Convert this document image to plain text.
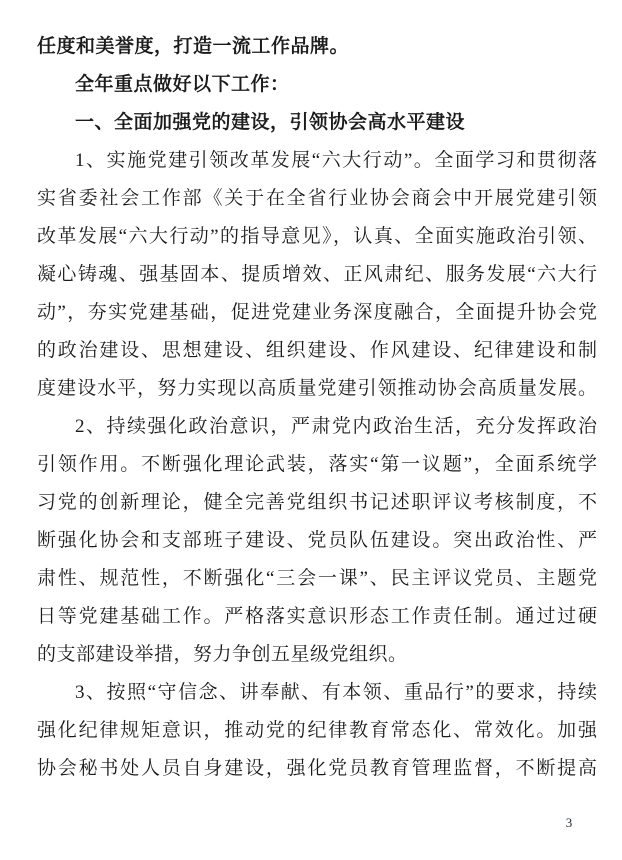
任度和美誉度，打造一流工作品牌。
全年重点做好以下工作：
一、全面加强党的建设，引领协会高水平建设
1、实施党建引领改革发展“六大行动”。全面学习和贯彻落
实省委社会工作部《关于在全省行业协会商会中开展党建引领
改革发展“六大行动”的指导意见》，认真、全面实施政治引领、
凝心铸魂、强基固本、提质增效、正风肃纪、服务发展“六大行
动”，夯实党建基础，促进党建业务深度融合，全面提升协会党
的政治建设、思想建设、组织建设、作风建设、纪律建设和制
度建设水平，努力实现以高质量党建引领推动协会高质量发展。
2、持续强化政治意识，严肃党内政治生活，充分发挥政治
引领作用。不断强化理论武装，落实“第一议题”，全面系统学
习党的创新理论，健全完善党组织书记述职评议考核制度，不
断强化协会和支部班子建设、党员队伍建设。突出政治性、严
肃性、规范性，不断强化“三会一课”、民主评议党员、主题党
日等党建基础工作。严格落实意识形态工作责任制。通过过硬
的支部建设举措，努力争创五星级党组织。
3、按照“守信念、讲奉献、有本领、重品行”的要求，持续
强化纪律规矩意识，推动党的纪律教育常态化、常效化。加强
协会秘书处人员自身建设，强化党员教育管理监督，不断提高
3
